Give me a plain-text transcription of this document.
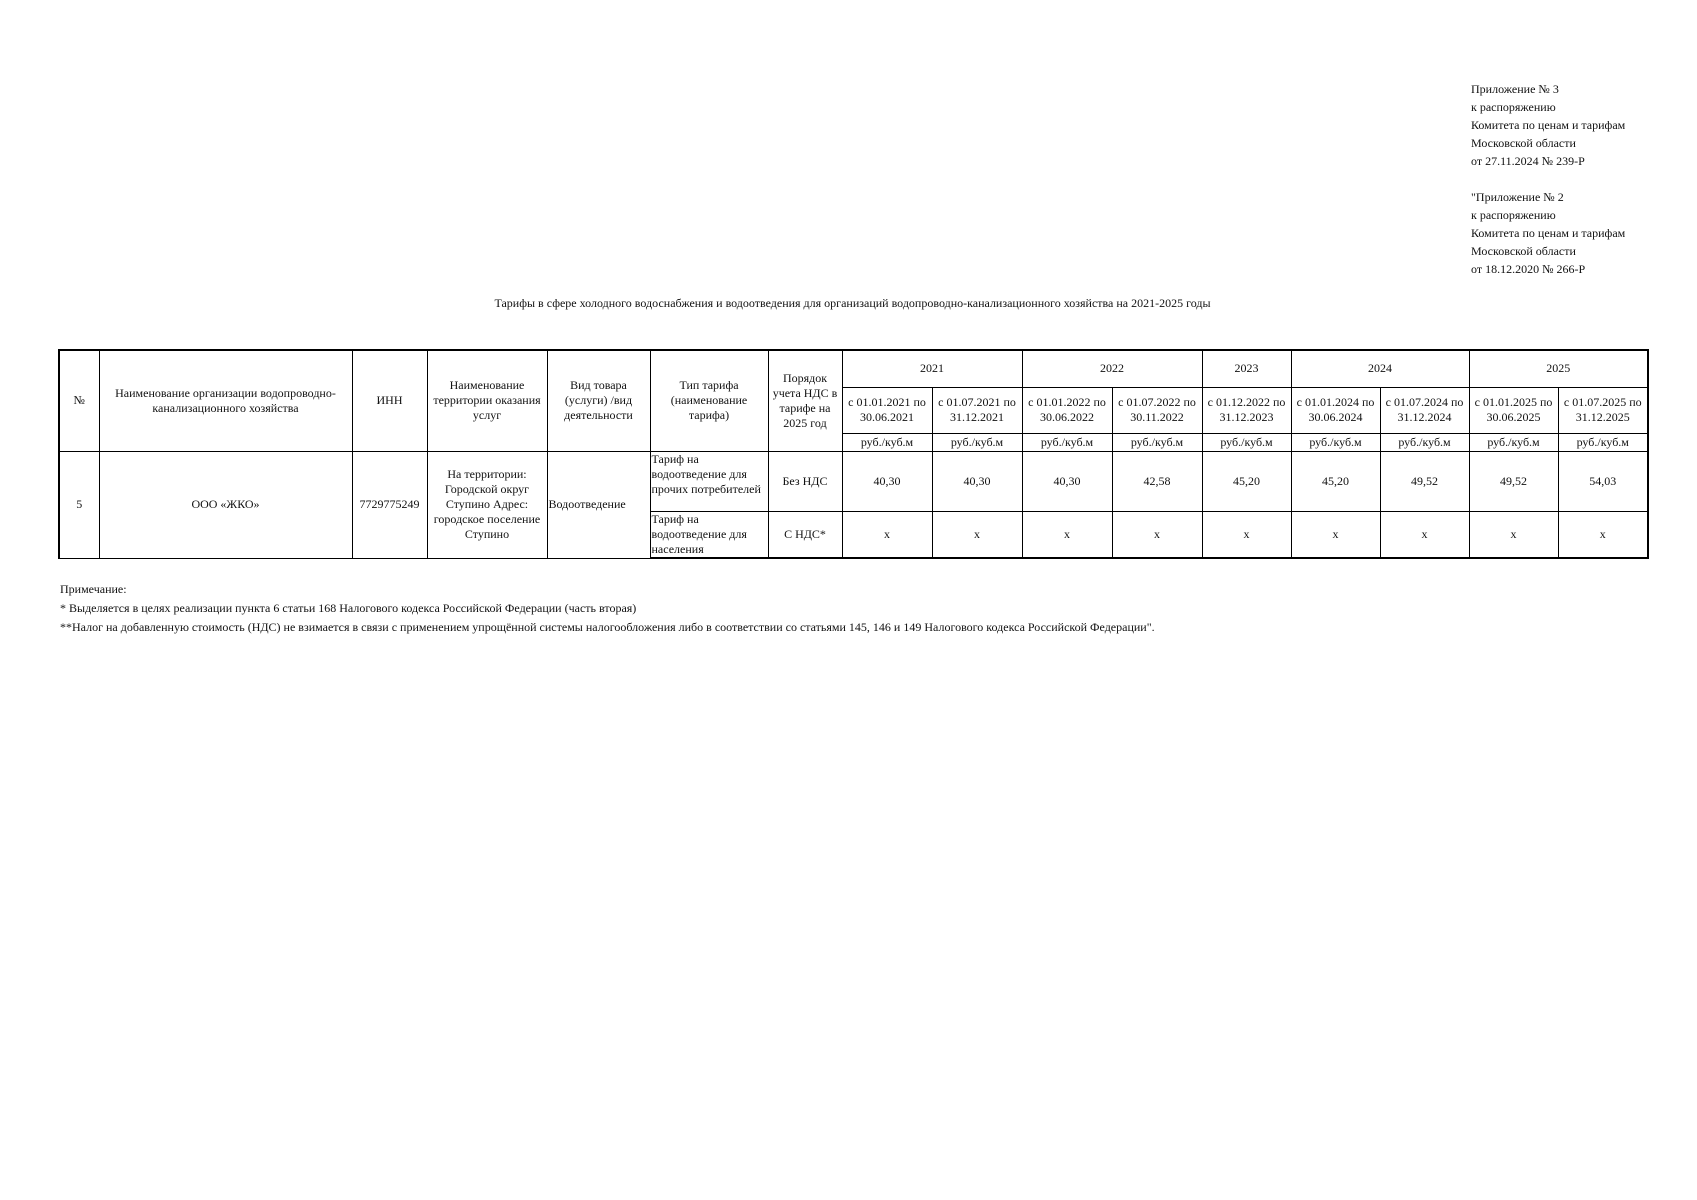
Приложение № 3
к распоряжению
Комитета по ценам и тарифам
Московской области
от 27.11.2024 № 239-Р
"Приложение № 2
к распоряжению
Комитета по ценам и тарифам
Московской области
от 18.12.2020 № 266-Р
Тарифы в сфере холодного водоснабжения и водоотведения для организаций водопроводно-канализационного хозяйства на 2021-2025 годы
№	Наименование организации водопроводно-канализационного хозяйства	ИНН	Наименование территории оказания услуг	Вид товара (услуги) /вид деятельности	Тип тарифа (наименование тарифа)	Порядок учета НДС в тарифе на 2025 год	2021		2022		2023	2024		2025	
							с 01.01.2021 по 30.06.2021	с 01.07.2021 по 31.12.2021	с 01.01.2022 по 30.06.2022	с 01.07.2022 по 30.11.2022	с 01.12.2022 по 31.12.2023	с 01.01.2024 по 30.06.2024	с 01.07.2024 по 31.12.2024	с 01.01.2025 по 30.06.2025	с 01.07.2025 по 31.12.2025
							руб./куб.м	руб./куб.м	руб./куб.м	руб./куб.м	руб./куб.м	руб./куб.м	руб./куб.м	руб./куб.м	руб./куб.м
5	ООО «ЖКО»	7729775249	На территории: Городской округ Ступино Адрес: городское поселение Ступино	Водоотведение	Тариф на водоотведение для прочих потребителей	Без НДС	40,30	40,30	40,30	42,58	45,20	45,20	49,52	49,52	54,03
					Тариф на водоотведение для населения	С НДС*	х	х	х	х	х	х	х	х	х
Примечание:
* Выделяется в целях реализации пункта 6 статьи 168 Налогового кодекса Российской Федерации (часть вторая)
**Налог на добавленную стоимость (НДС) не взимается в связи с применением упрощённой системы налогообложения либо в соответствии со статьями 145, 146 и 149 Налогового кодекса Российской Федерации".
